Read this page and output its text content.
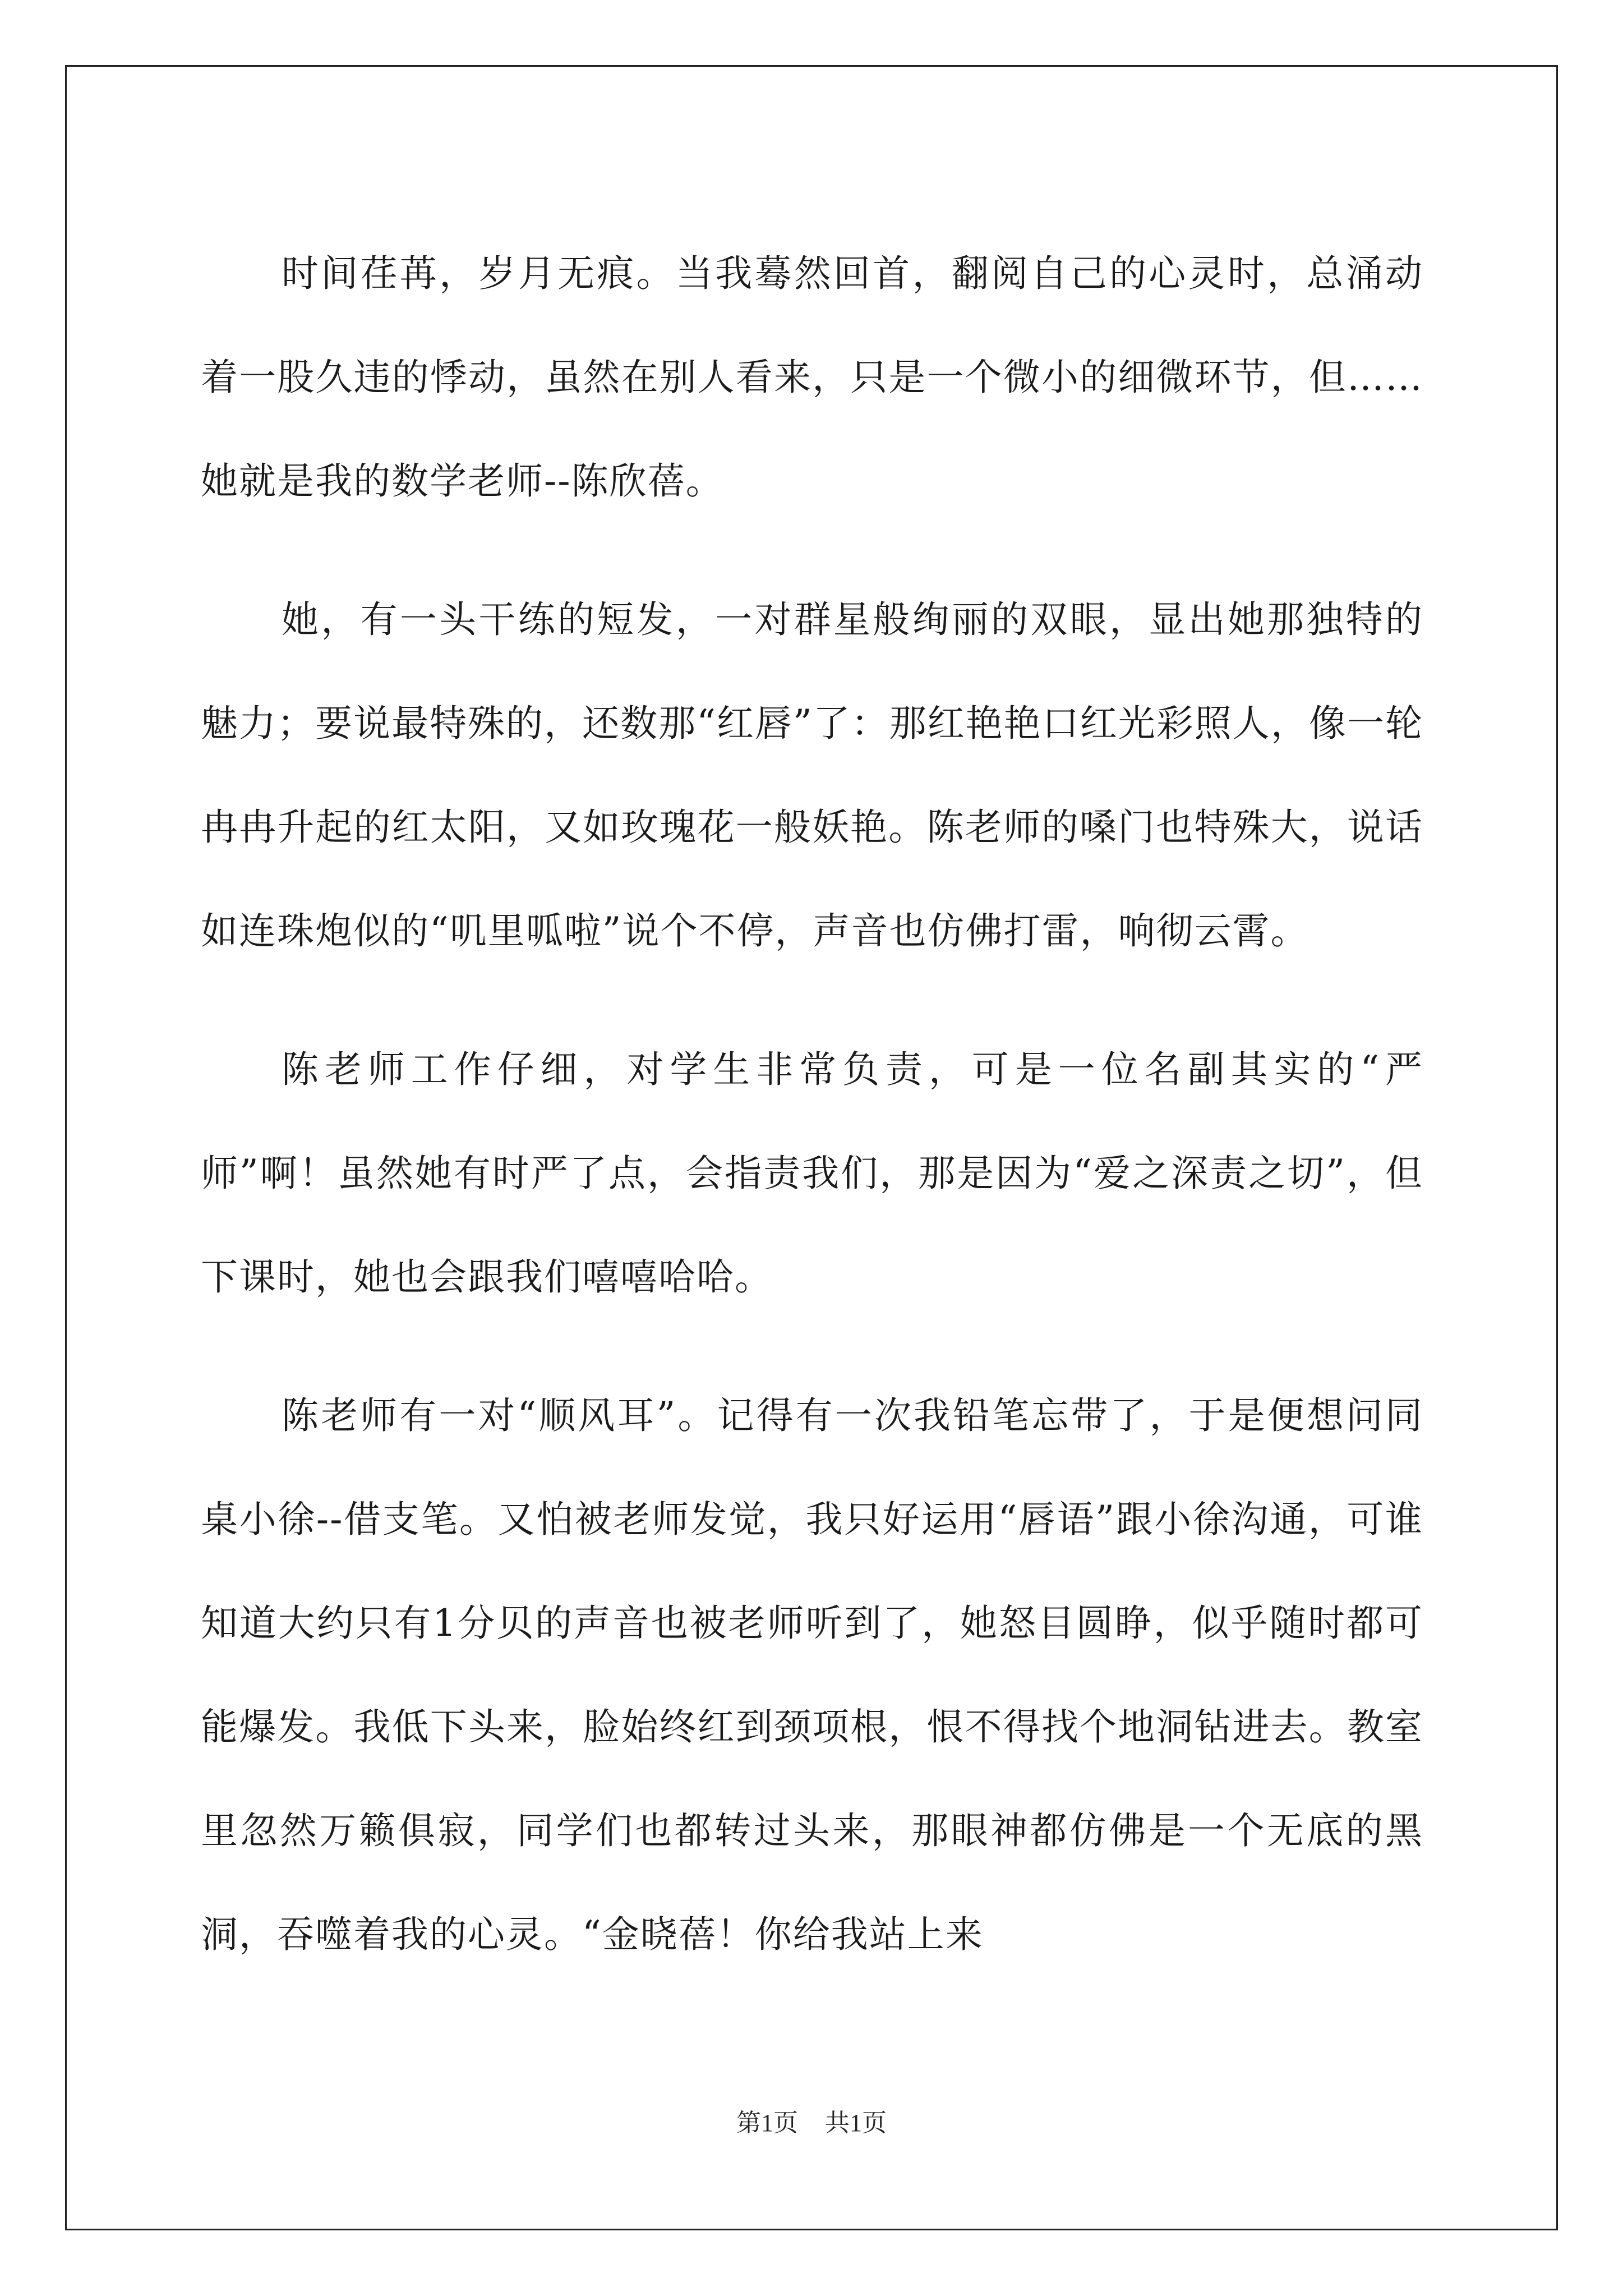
时间荏苒，岁月无痕。当我蓦然回首，翻阅自己的心灵时，总涌动着一股久违的悸动，虽然在别人看来，只是一个微小的细微环节，但……她就是我的数学老师--陈欣蓓。

她，有一头干练的短发，一对群星般绚丽的双眼，显出她那独特的魅力；要说最特殊的，还数那“红唇”了：那红艳艳口红光彩照人，像一轮冉冉升起的红太阳，又如玫瑰花一般妖艳。陈老师的嗓门也特殊大，说话如连珠炮似的“叽里呱啦”说个不停，声音也仿佛打雷，响彻云霄。

陈老师工作仔细，对学生非常负责，可是一位名副其实的“严师”啊！虽然她有时严了点，会指责我们，那是因为“爱之深责之切”，但下课时，她也会跟我们嘻嘻哈哈。

陈老师有一对“顺风耳”。记得有一次我铅笔忘带了，于是便想问同桌小徐--借支笔。又怕被老师发觉，我只好运用“唇语”跟小徐沟通，可谁知道大约只有1分贝的声音也被老师听到了，她怒目圆睁，似乎随时都可能爆发。我低下头来，脸始终红到颈项根，恨不得找个地洞钻进去。教室里忽然万籁俱寂，同学们也都转过头来，那眼神都仿佛是一个无底的黑洞，吞噬着我的心灵。“金晓蓓！你给我站上来

第1页 共1页
